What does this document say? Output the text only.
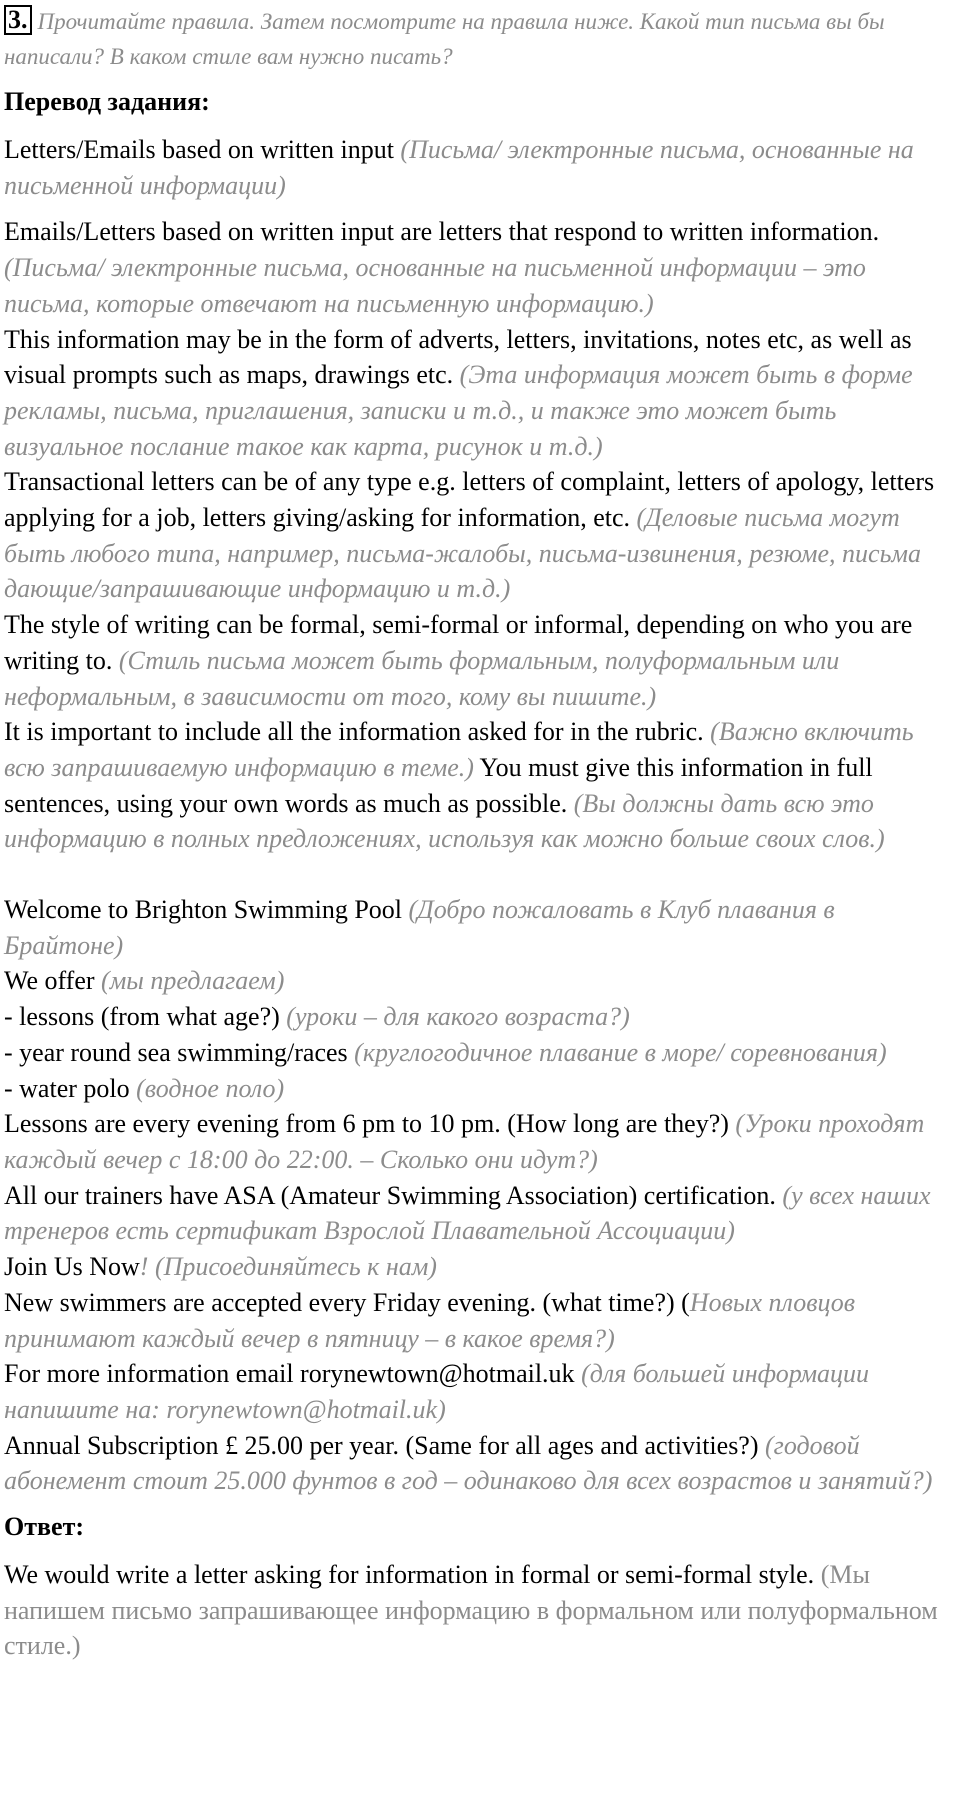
3. Прочитайте правила. Затем посмотрите на правила ниже. Какой тип письма вы бы написали? В каком стиле вам нужно писать?
Перевод задания:

Letters/Emails based on written input (Письма/ электронные письма, основанные на письменной информации)

Emails/Letters based on written input are letters that respond to written information. (Письма/ электронные письма, основанные на письменной информации – это письма, которые отвечают на письменную информацию.)

This information may be in the form of adverts, letters, invitations, notes etc, as well as visual prompts such as maps, drawings etc. (Эта информация может быть в форме рекламы, письма, приглашения, записки и т.д., и также это может быть визуальное послание такое как карта, рисунок и т.д.)

Transactional letters can be of any type e.g. letters of complaint, letters of apology, letters applying for a job, letters giving/asking for information, etc. (Деловые письма могут быть любого типа, например, письма-жалобы, письма-извинения, резюме, письма дающие/запрашивающие информацию и т.д.)

The style of writing can be formal, semi-formal or informal, depending on who you are writing to. (Стиль письма может быть формальным, полуформальным или неформальным, в зависимости от того, кому вы пишите.)

It is important to include all the information asked for in the rubric. (Важно включить всю запрашиваемую информацию в теме.) You must give this information in full sentences, using your own words as much as possible. (Вы должны дать всю это информацию в полных предложениях, используя как можно больше своих слов.)

Welcome to Brighton Swimming Pool (Добро пожаловать в Клуб плавания в Брайтоне)

We offer (мы предлагаем)

- lessons (from what age?) (уроки – для какого возраста?)

- year round sea swimming/races (круглогодичное плавание в море/ соревнования)

- water polo (водное поло)

Lessons are every evening from 6 pm to 10 pm. (How long are they?) (Уроки проходят каждый вечер с 18:00 до 22:00. – Сколько они идут?)

All our trainers have ASA (Amateur Swimming Association) certification. (у всех наших тренеров есть сертификат Взрослой Плавательной Ассоциации)

Join Us Now! (Присоединяйтесь к нам)

New swimmers are accepted every Friday evening. (what time?) (Новых пловцов принимают каждый вечер в пятницу – в какое время?)

For more information email rorynewtown@hotmail.uk (для большей информации напишите на: rorynewtown@hotmail.uk)

Annual Subscription £ 25.00 per year. (Same for all ages and activities?) (годовой абонемент стоит 25.000 фунтов в год – одинаково для всех возрастов и занятий?)

Ответ:

We would write a letter asking for information in formal or semi-formal style. (Мы напишем письмо запрашивающее информацию в формальном или полуформальном стиле.)
